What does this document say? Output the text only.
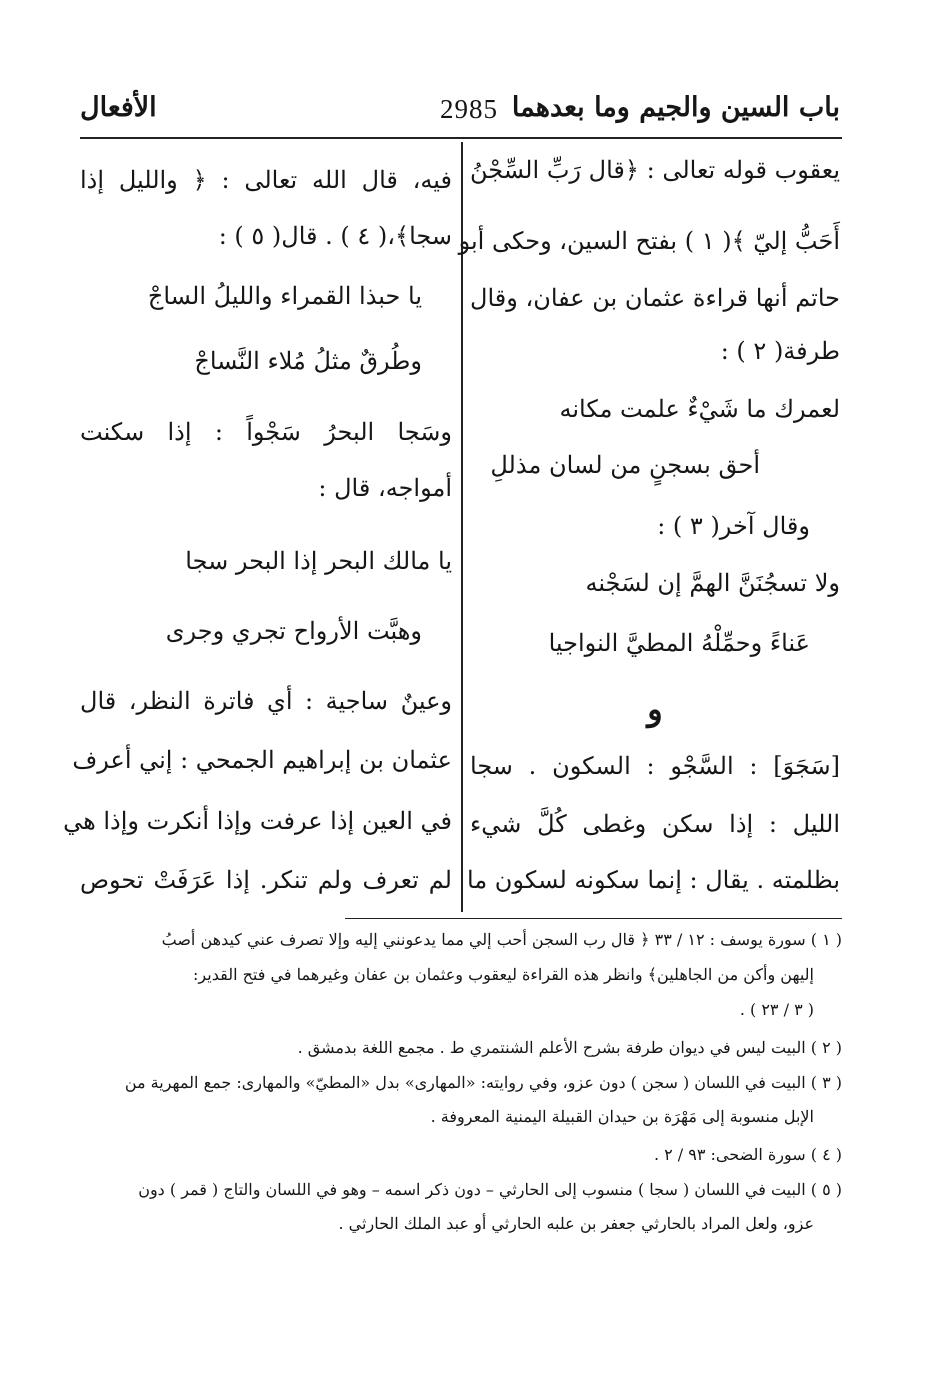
باب السين والجيم وما بعدهما
2985
الأفعال
يعقوب قوله تعالى : ﴿قال رَبِّ السِّجْنُ
أَحَبُّ إليّ ﴾( ١ ) بفتح السين، وحكى أبو
حاتم أنها قراءة عثمان بن عفان، وقال
طرفة( ٢ ) :
لعمرك ما شَيْءٌ علمت مكانه
أحق بسجنٍ من لسان مذللِ
وقال آخر( ٣ ) :
ولا تسجُنَنَّ الهمَّ إن لسَجْنه
عَناءً وحمِّلْهُ المطيَّ النواجيا
و
[سَجَوَ] : السَّجْو : السكون . سجا
الليل : إذا سكن وغطى كُلَّ شيء
بظلمته . يقال : إنما سكونه لسكون ما
فيه، قال الله تعالى : ﴿ والليل إذا
سجا﴾،( ٤ ) . قال( ٥ ) :
يا حبذا القمراء والليلُ الساجْ
وطُرقٌ مثلُ مُلاء النَّساجْ
وسَجا البحرُ سَجْواً : إذا سكنت
أمواجه، قال :
يا مالك البحر إذا البحر سجا
وهبَّت الأرواح تجري وجرى
وعينٌ ساجية : أي فاترة النظر، قال
عثمان بن إبراهيم الجمحي : إني أعرف
في العين إذا عرفت وإذا أنكرت وإذا هي
لم تعرف ولم تنكر. إذا عَرَفَتْ تحوص
( ١ ) سورة يوسف : ١٢ / ٣٣ ﴿ قال رب السجن أحب إلي مما يدعونني إليه وإلا تصرف عني كيدهن أصبُ
إليهن وأكن من الجاهلين﴾ وانظر هذه القراءة ليعقوب وعثمان بن عفان وغيرهما في فتح القدير:
( ٣ / ٢٣ ) .
( ٢ ) البيت ليس في ديوان طرفة بشرح الأعلم الشنتمري ط . مجمع اللغة بدمشق .
( ٣ ) البيت في اللسان ( سجن ) دون عزو، وفي روايته: «المهارى» بدل «المطيّ» والمهارى: جمع المهرية من
الإبل منسوبة إلى مَهْرَة بن حيدان القبيلة اليمنية المعروفة .
( ٤ ) سورة الضحى: ٩٣ / ٢ .
( ٥ ) البيت في اللسان ( سجا ) منسوب إلى الحارثي – دون ذكر اسمه – وهو في اللسان والتاج ( قمر ) دون
عزو، ولعل المراد بالحارثي جعفر بن علبه الحارثي أو عبد الملك الحارثي .
